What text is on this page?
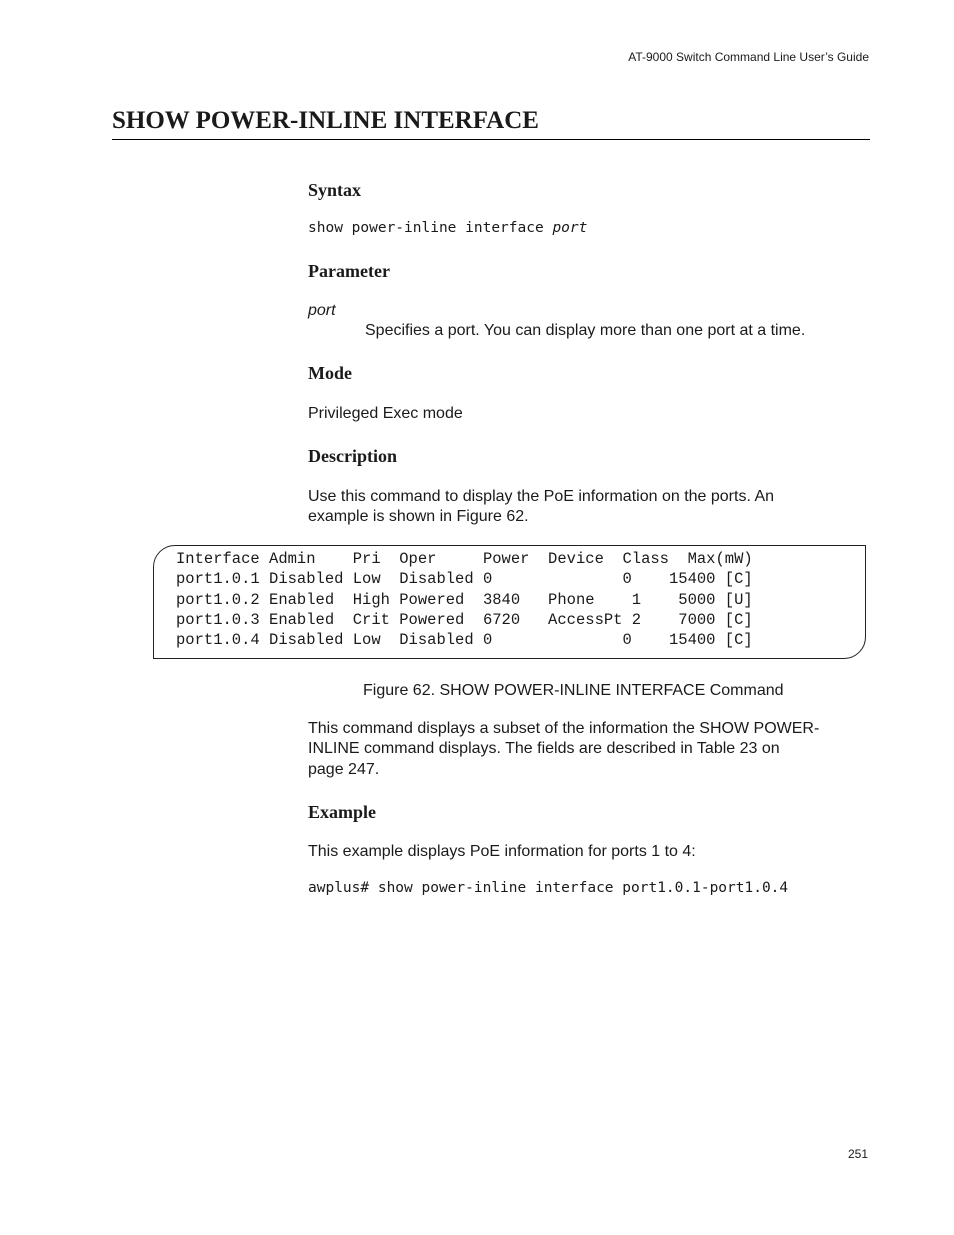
AT-9000 Switch Command Line User’s Guide
SHOW POWER-INLINE INTERFACE
Syntax
show power-inline interface port
Parameter
port
Specifies a port. You can display more than one port at a time.
Mode
Privileged Exec mode
Description
Use this command to display the PoE information on the ports. An
example is shown in Figure 62.
Interface Admin    Pri  Oper     Power  Device  Class  Max(mW)
port1.0.1 Disabled Low  Disabled 0              0    15400 [C]
port1.0.2 Enabled  High Powered  3840   Phone    1    5000 [U]
port1.0.3 Enabled  Crit Powered  6720   AccessPt 2    7000 [C]
port1.0.4 Disabled Low  Disabled 0              0    15400 [C]
Figure 62. SHOW POWER-INLINE INTERFACE Command
This command displays a subset of the information the SHOW POWER-
INLINE command displays. The fields are described in Table 23 on
page 247.
Example
This example displays PoE information for ports 1 to 4:
awplus# show power-inline interface port1.0.1-port1.0.4
251
